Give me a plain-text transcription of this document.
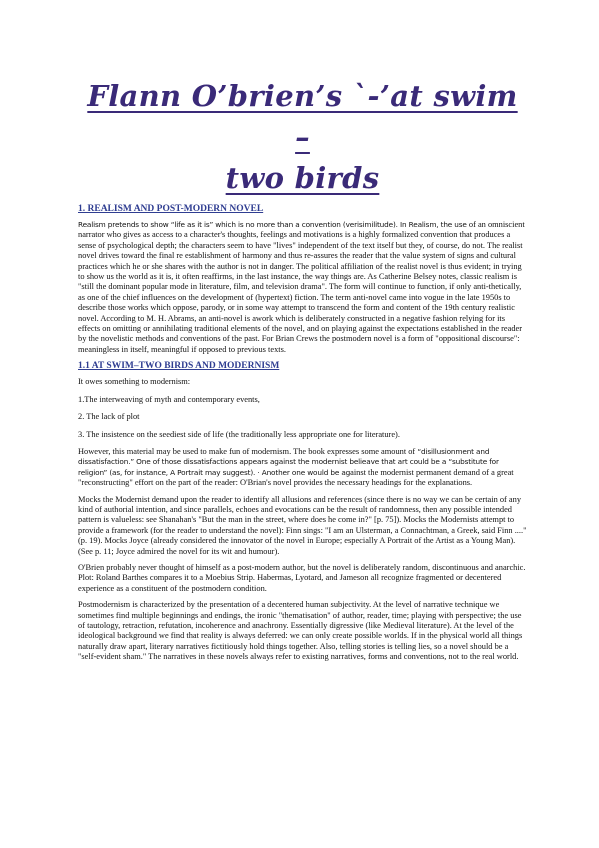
Flann O’brien’s `-’at swim –
two birds
1. REALISM AND POST-MODERN NOVEL

Realism pretends to show “life as it is” which is no more than a convention (verisimilitude). In Realism, the use of an omniscient narrator who gives as access to a character's thoughts, feelings and motivations is a highly formalized convention that produces a sense of psychological depth; the characters seem to have "lives" independent of the text itself but they, of course, do not. The realist novel drives toward the final re establishment of harmony and thus re-assures the reader that the value system of signs and cultural practices which he or she shares with the author is not in danger. The political affiliation of the realist novel is thus evident; in trying to show us the world as it is, it often reaffirms, in the last instance, the way things are. As Catherine Belsey notes, classic realism is "still the dominant popular mode in literature, film, and television drama". The form will continue to function, if only anti-thetically, as one of the chief influences on the development of (hypertext) fiction. The term anti-novel came into vogue in the late 1950s to describe those works which oppose, parody, or in some way attempt to transcend the form and content of the 19th century realistic novel. According to M. H. Abrams, an anti-novel is awork which is deliberately constructed in a negative fashion relying for its effects on omitting or annihilating traditional elements of the novel, and on playing against the expectations established in the reader by the novelistic methods and conventions of the past. For Brian Crews the postmodern novel is a form of "oppositional discourse": meaningless in itself, meaningful if opposed to previous texts.

1.1 AT SWIM–TWO BIRDS AND MODERNISM

It owes something to modernism:

1.The interweaving of myth and contemporary events,

2. The lack of plot

3. The insistence on the seediest side of life (the traditionally less appropriate one for literature).

However, this material may be used to make fun of modernism. The book expresses some amount of “disillusionment and dissatisfaction.” One of those dissatisfactions appears against the modernist belieave that art could be a “substitute for religion” (as, for instance, A Portrait may suggest). · Another one would be against the modernist permanent demand of a great "reconstructing" effort on the part of the reader: O'Brian's novel provides the necessary headings for the explanations.

Mocks the Modernist demand upon the reader to identify all allusions and references (since there is no way we can be certain of any kind of authorial intention, and since parallels, echoes and evocations can be the result of randomness, then any possible intended pattern is valueless: see Shanahan's "But the man in the street, where does he come in?" [p. 75]). Mocks the Modernists attempt to provide a framework (for the reader to understand the novel): Finn sings: "I am an Ulsterman, a Connachtman, a Greek, said Finn ...." (p. 19). Mocks Joyce (already considered the innovator of the novel in Europe; especially A Portrait of the Artist as a Young Man). (See p. 11; Joyce admired the novel for its wit and humour).

O'Brien probably never thought of himself as a post-modern author, but the novel is deliberately random, discontinuous and anarchic. Plot: Roland Barthes compares it to a Moebius Strip. Habermas, Lyotard, and Jameson all recognize fragmented or decentered experience as a constituent of the postmodern condition.

Postmodernism is characterized by the presentation of a decentered human subjectivity. At the level of narrative technique we sometimes find multiple beginnings and endings, the ironic "thematisation" of author, reader, time; playing with perspective; the use of tautology, retraction, refutation, incoherence and anachrony. Essentially digressive (like Medieval literature). At the level of the ideological background we find that reality is always deferred: we can only create possible worlds. If in the physical world all things naturally draw apart, literary narratives fictitiously hold things together. Also, telling stories is telling lies, so a novel should be a "self-evident sham." The narratives in these novels always refer to existing narratives, forms and conventions, not to the real world.
